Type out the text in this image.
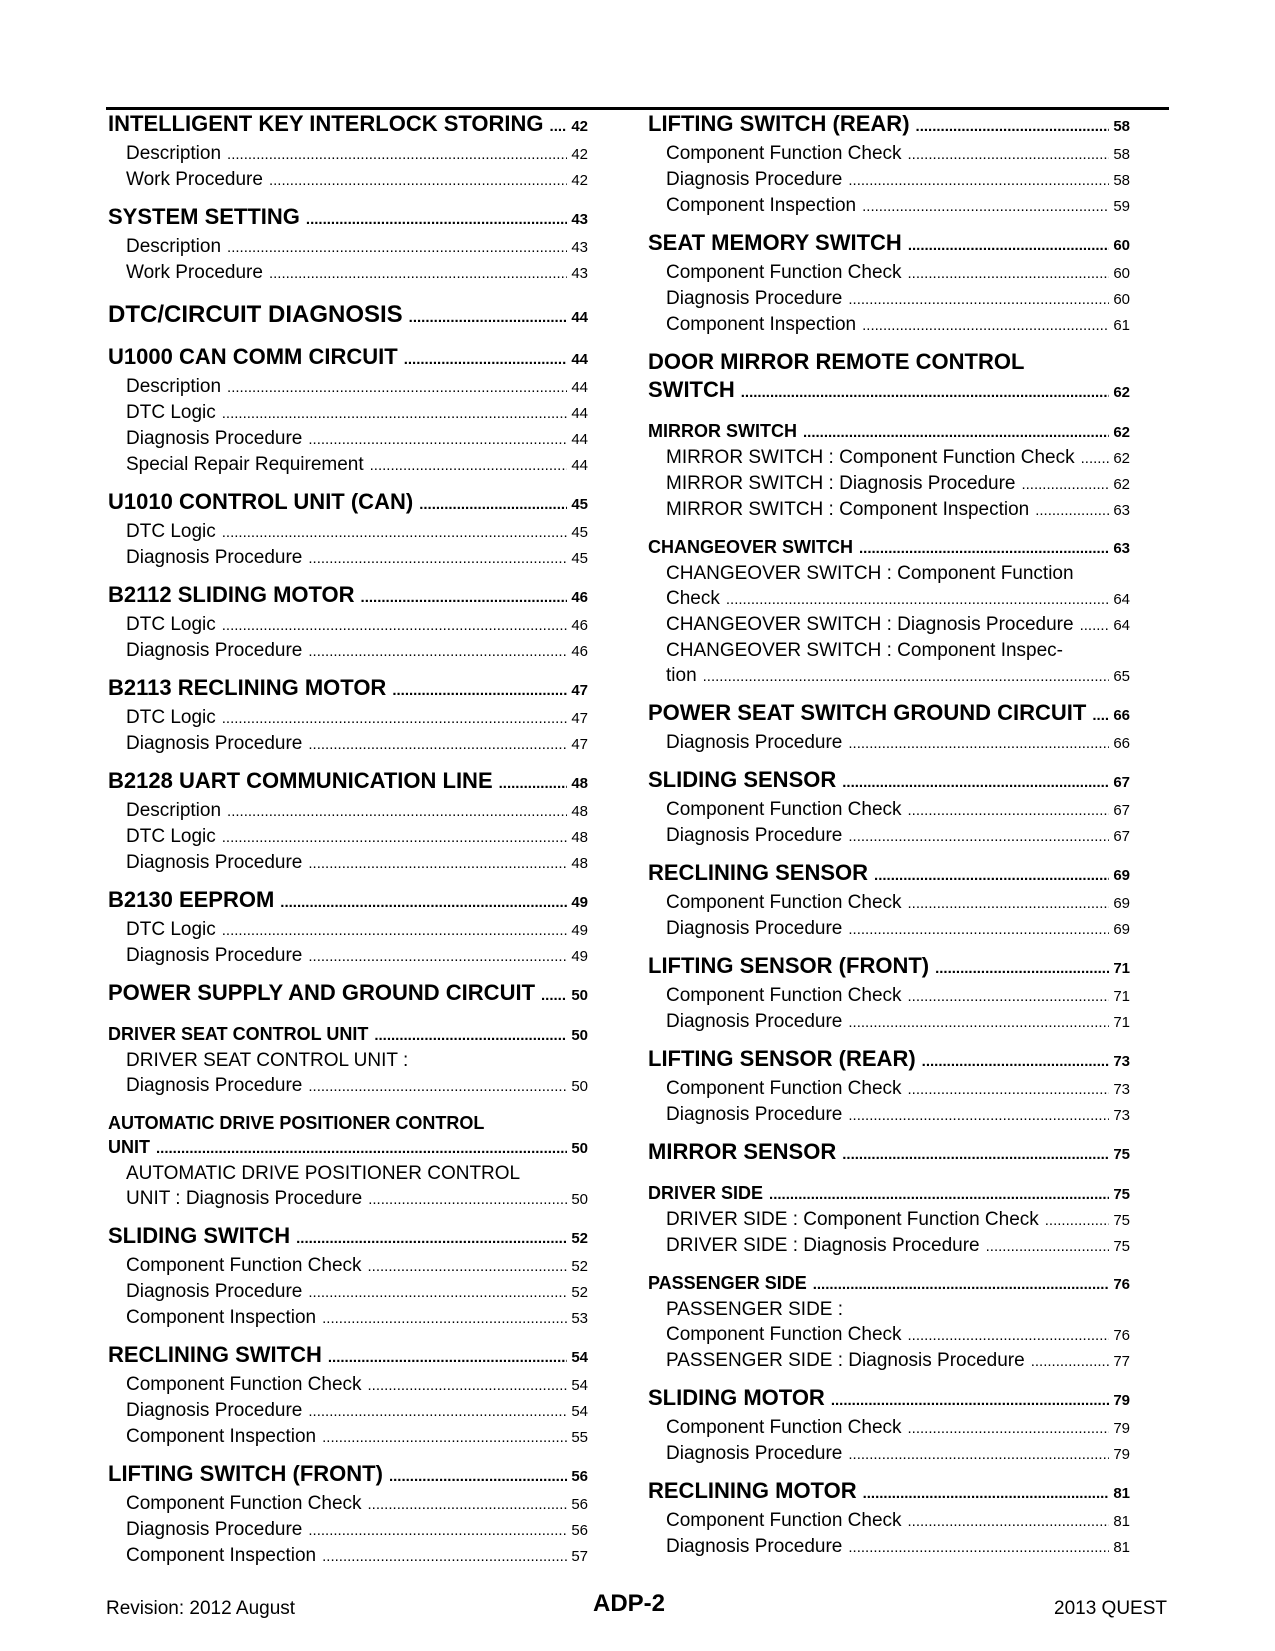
INTELLIGENT KEY INTERLOCK STORING .....	42
Description .....	42
Work Procedure .....	42
SYSTEM SETTING .....	43
Description .....	43
Work Procedure .....	43
DTC/CIRCUIT DIAGNOSIS .....	44
U1000 CAN COMM CIRCUIT .....	44
Description .....	44
DTC Logic .....	44
Diagnosis Procedure .....	44
Special Repair Requirement .....	44
U1010 CONTROL UNIT (CAN) .....	45
DTC Logic .....	45
Diagnosis Procedure .....	45
B2112 SLIDING MOTOR .....	46
DTC Logic .....	46
Diagnosis Procedure .....	46
B2113 RECLINING MOTOR .....	47
DTC Logic .....	47
Diagnosis Procedure .....	47
B2128 UART COMMUNICATION LINE .....	48
Description .....	48
DTC Logic .....	48
Diagnosis Procedure .....	48
B2130 EEPROM .....	49
DTC Logic .....	49
Diagnosis Procedure .....	49
POWER SUPPLY AND GROUND CIRCUIT .....	50
DRIVER SEAT CONTROL UNIT .....	50
DRIVER SEAT CONTROL UNIT :
Diagnosis Procedure .....	50
AUTOMATIC DRIVE POSITIONER CONTROL
UNIT .....	50
AUTOMATIC DRIVE POSITIONER CONTROL
UNIT : Diagnosis Procedure .....	50
SLIDING SWITCH .....	52
Component Function Check .....	52
Diagnosis Procedure .....	52
Component Inspection .....	53
RECLINING SWITCH .....	54
Component Function Check .....	54
Diagnosis Procedure .....	54
Component Inspection .....	55
LIFTING SWITCH (FRONT) .....	56
Component Function Check .....	56
Diagnosis Procedure .....	56
Component Inspection .....	57
LIFTING SWITCH (REAR) .....	58
Component Function Check .....	58
Diagnosis Procedure .....	58
Component Inspection .....	59
SEAT MEMORY SWITCH .....	60
Component Function Check .....	60
Diagnosis Procedure .....	60
Component Inspection .....	61
DOOR MIRROR REMOTE CONTROL
SWITCH .....	62
MIRROR SWITCH .....	62
MIRROR SWITCH : Component Function Check .....	62
MIRROR SWITCH : Diagnosis Procedure .....	62
MIRROR SWITCH : Component Inspection .....	63
CHANGEOVER SWITCH .....	63
CHANGEOVER SWITCH : Component Function
Check .....	64
CHANGEOVER SWITCH : Diagnosis Procedure .....	64
CHANGEOVER SWITCH : Component Inspec-
tion .....	65
POWER SEAT SWITCH GROUND CIRCUIT .....	66
Diagnosis Procedure .....	66
SLIDING SENSOR .....	67
Component Function Check .....	67
Diagnosis Procedure .....	67
RECLINING SENSOR .....	69
Component Function Check .....	69
Diagnosis Procedure .....	69
LIFTING SENSOR (FRONT) .....	71
Component Function Check .....	71
Diagnosis Procedure .....	71
LIFTING SENSOR (REAR) .....	73
Component Function Check .....	73
Diagnosis Procedure .....	73
MIRROR SENSOR .....	75
DRIVER SIDE .....	75
DRIVER SIDE : Component Function Check .....	75
DRIVER SIDE : Diagnosis Procedure .....	75
PASSENGER SIDE .....	76
PASSENGER SIDE :
Component Function Check .....	76
PASSENGER SIDE : Diagnosis Procedure .....	77
SLIDING MOTOR .....	79
Component Function Check .....	79
Diagnosis Procedure .....	79
RECLINING MOTOR .....	81
Component Function Check .....	81
Diagnosis Procedure .....	81
Revision: 2012 August	ADP-2	2013 QUEST
